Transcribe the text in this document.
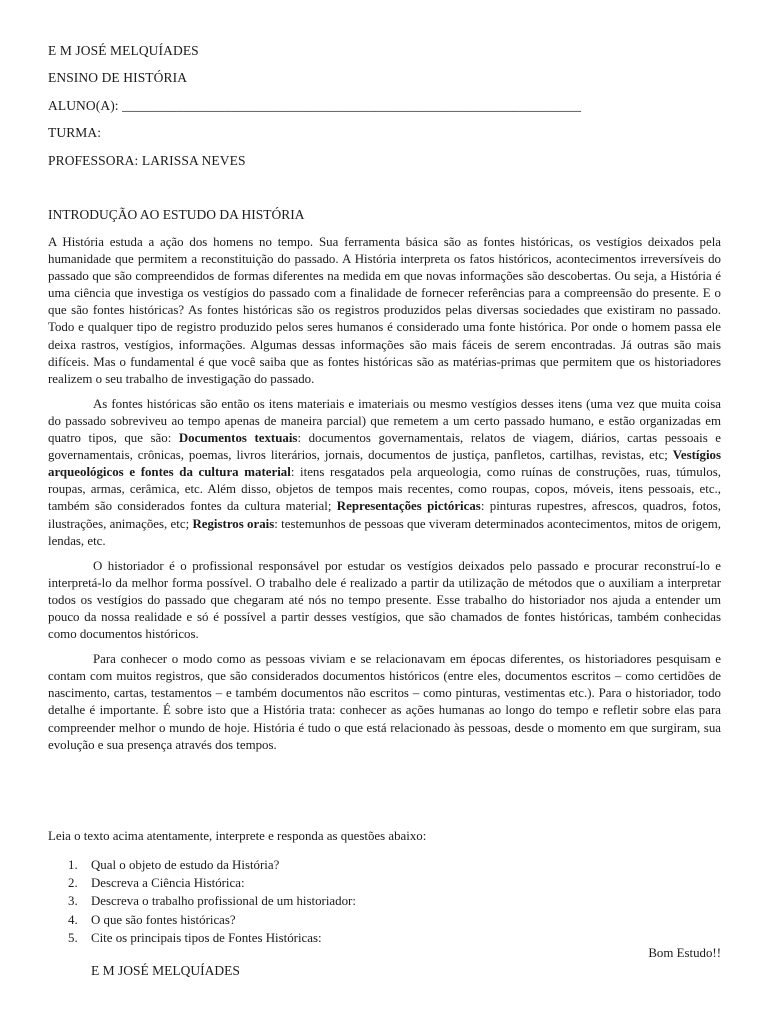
E M JOSÉ MELQUÍADES
ENSINO DE HISTÓRIA
ALUNO(A): ___________________________________________________________________
TURMA:
PROFESSORA: LARISSA NEVES
INTRODUÇÃO AO ESTUDO DA HISTÓRIA

A História estuda a ação dos homens no tempo. Sua ferramenta básica são as fontes históricas, os vestígios deixados pela humanidade que permitem a reconstituição do passado. A História interpreta os fatos históricos, acontecimentos irreversíveis do passado que são compreendidos de formas diferentes na medida em que novas informações são descobertas. Ou seja, a História é uma ciência que investiga os vestígios do passado com a finalidade de fornecer referências para a compreensão do presente. E o que são fontes históricas? As fontes históricas são os registros produzidos pelas diversas sociedades que existiram no passado. Todo e qualquer tipo de registro produzido pelos seres humanos é considerado uma fonte histórica. Por onde o homem passa ele deixa rastros, vestígios, informações. Algumas dessas informações são mais fáceis de serem encontradas. Já outras são mais difíceis. Mas o fundamental é que você saiba que as fontes históricas são as matérias-primas que permitem que os historiadores realizem o seu trabalho de investigação do passado.

As fontes históricas são então os itens materiais e imateriais ou mesmo vestígios desses itens (uma vez que muita coisa do passado sobreviveu ao tempo apenas de maneira parcial) que remetem a um certo passado humano, e estão organizadas em quatro tipos, que são: Documentos textuais: documentos governamentais, relatos de viagem, diários, cartas pessoais e governamentais, crônicas, poemas, livros literários, jornais, documentos de justiça, panfletos, cartilhas, revistas, etc; Vestígios arqueológicos e fontes da cultura material: itens resgatados pela arqueologia, como ruínas de construções, ruas, túmulos, roupas, armas, cerâmica, etc. Além disso, objetos de tempos mais recentes, como roupas, copos, móveis, itens pessoais, etc., também são considerados fontes da cultura material; Representações pictóricas: pinturas rupestres, afrescos, quadros, fotos, ilustrações, animações, etc; Registros orais: testemunhos de pessoas que viveram determinados acontecimentos, mitos de origem, lendas, etc.

O historiador é o profissional responsável por estudar os vestígios deixados pelo passado e procurar reconstruí-lo e interpretá-lo da melhor forma possível. O trabalho dele é realizado a partir da utilização de métodos que o auxiliam a interpretar todos os vestígios do passado que chegaram até nós no tempo presente. Esse trabalho do historiador nos ajuda a entender um pouco da nossa realidade e só é possível a partir desses vestígios, que são chamados de fontes históricas, também conhecidas como documentos históricos.

Para conhecer o modo como as pessoas viviam e se relacionavam em épocas diferentes, os historiadores pesquisam e contam com muitos registros, que são considerados documentos históricos (entre eles, documentos escritos – como certidões de nascimento, cartas, testamentos – e também documentos não escritos – como pinturas, vestimentas etc.). Para o historiador, todo detalhe é importante. É sobre isto que a História trata: conhecer as ações humanas ao longo do tempo e refletir sobre elas para compreender melhor o mundo de hoje. História é tudo o que está relacionado às pessoas, desde o momento em que surgiram, sua evolução e sua presença através dos tempos.

Leia o texto acima atentamente, interprete e responda as questões abaixo:
1. Qual o objeto de estudo da História?
2. Descreva a Ciência Histórica:
3. Descreva o trabalho profissional de um historiador:
4. O que são fontes históricas?
5. Cite os principais tipos de Fontes Históricas:
Bom Estudo!!
E M JOSÉ MELQUÍADES
